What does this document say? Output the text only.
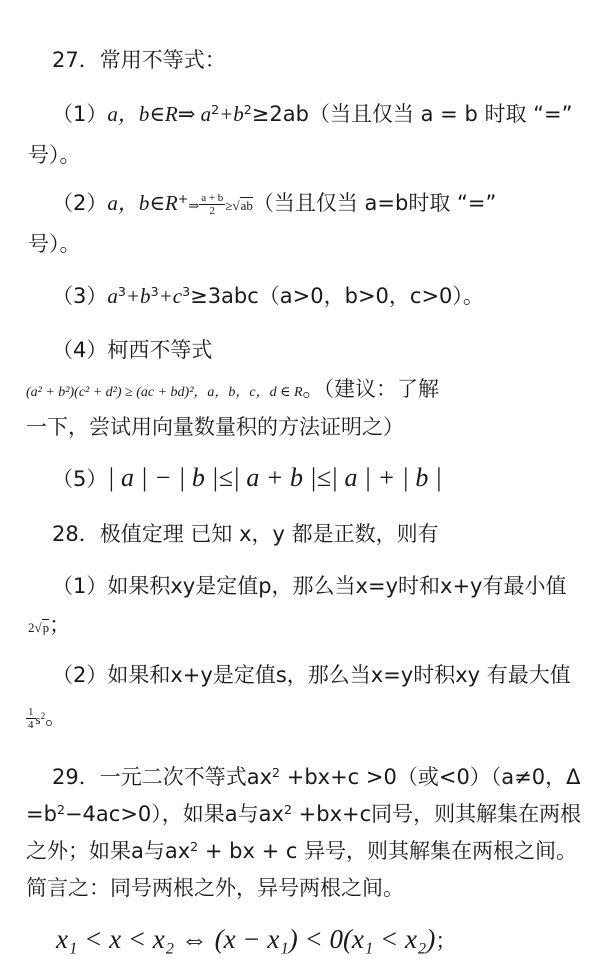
27．常用不等式：
（1）a，b∈R⇒ $a^2+b^2\ge 2ab$（当且仅当 a = b 时取 “=”
号）。
（2）a，b∈R+⇒ $\frac{a + b}{2} \ge√ab$（当且仅当 a=b时取 “=”
号）。
$(3)a^3+b^3+c^3\ge 3abc(a>0$，b>0，c>0）。
（4）柯西不等式
(a² + b²)(c² + d²) ≥ (ac + bd)²，a，b，c，d ∈ R。（建议：了解
一下，尝试用向量数量积的方法证明之）
（5）| a | − | b |≤| a + b |≤| a | + | b |
28．极值定理 已知 x，y 都是正数，则有
（1）如果积xy是定值p，那么当x=y时和x+y有最小值
2√p；
（2）如果和x+y是定值s，那么当x=y时积xy 有最大值
$\frac{1}{4} s^2$。
29．一元二次不等式$ax^2 +bx+c >0$（或<0）（a≠0，Δ
$=b^2-4ac>0$），如果a与$ax^2 +bx+c$同号，则其解集在两根
之外；如果a与$ax^2$ + bx + c 异号，则其解集在两根之间。
简言之：同号两根之外，异号两根之间。
x₁ < x < x₂ ⇔ (x − x₁) < 0(x₁ < x₂)；
